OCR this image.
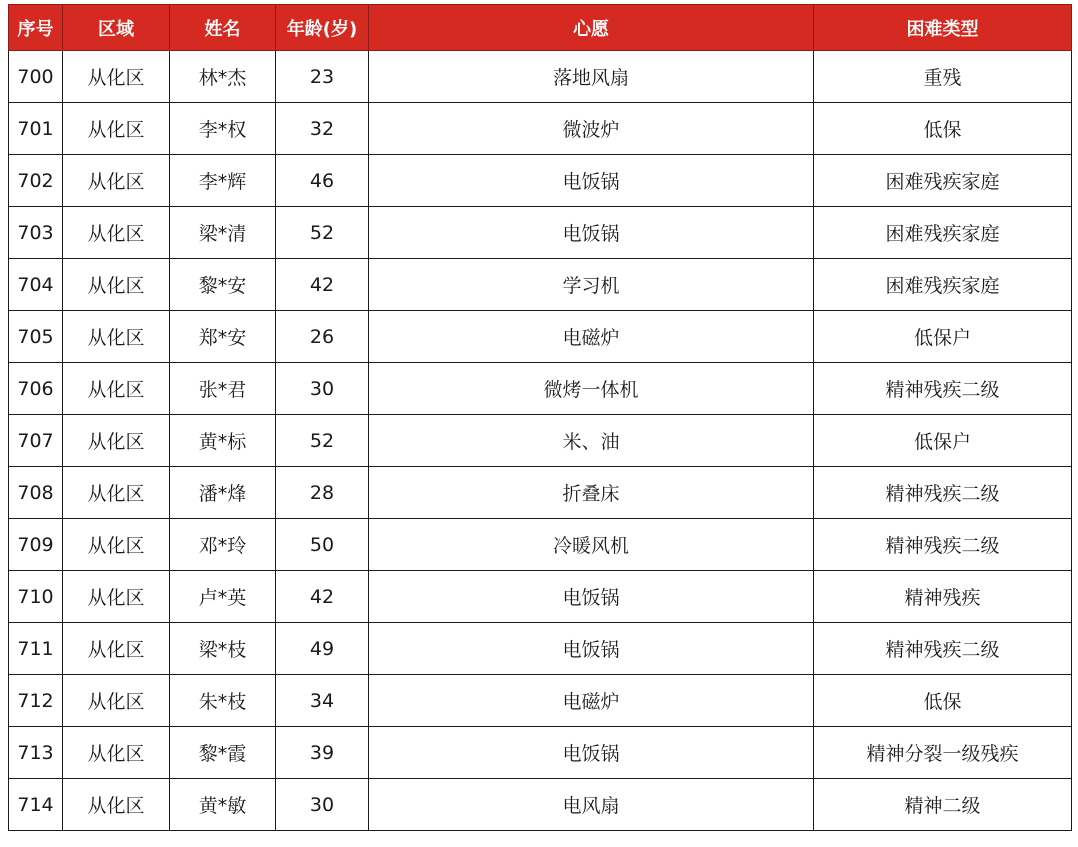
序号	区域	姓名	年龄(岁)	心愿	困难类型
700	从化区	林*杰	23	落地风扇	重残
701	从化区	李*权	32	微波炉	低保
702	从化区	李*辉	46	电饭锅	困难残疾家庭
703	从化区	梁*清	52	电饭锅	困难残疾家庭
704	从化区	黎*安	42	学习机	困难残疾家庭
705	从化区	郑*安	26	电磁炉	低保户
706	从化区	张*君	30	微烤一体机	精神残疾二级
707	从化区	黄*标	52	米、油	低保户
708	从化区	潘*烽	28	折叠床	精神残疾二级
709	从化区	邓*玲	50	冷暖风机	精神残疾二级
710	从化区	卢*英	42	电饭锅	精神残疾
711	从化区	梁*枝	49	电饭锅	精神残疾二级
712	从化区	朱*枝	34	电磁炉	低保
713	从化区	黎*霞	39	电饭锅	精神分裂一级残疾
714	从化区	黄*敏	30	电风扇	精神二级
